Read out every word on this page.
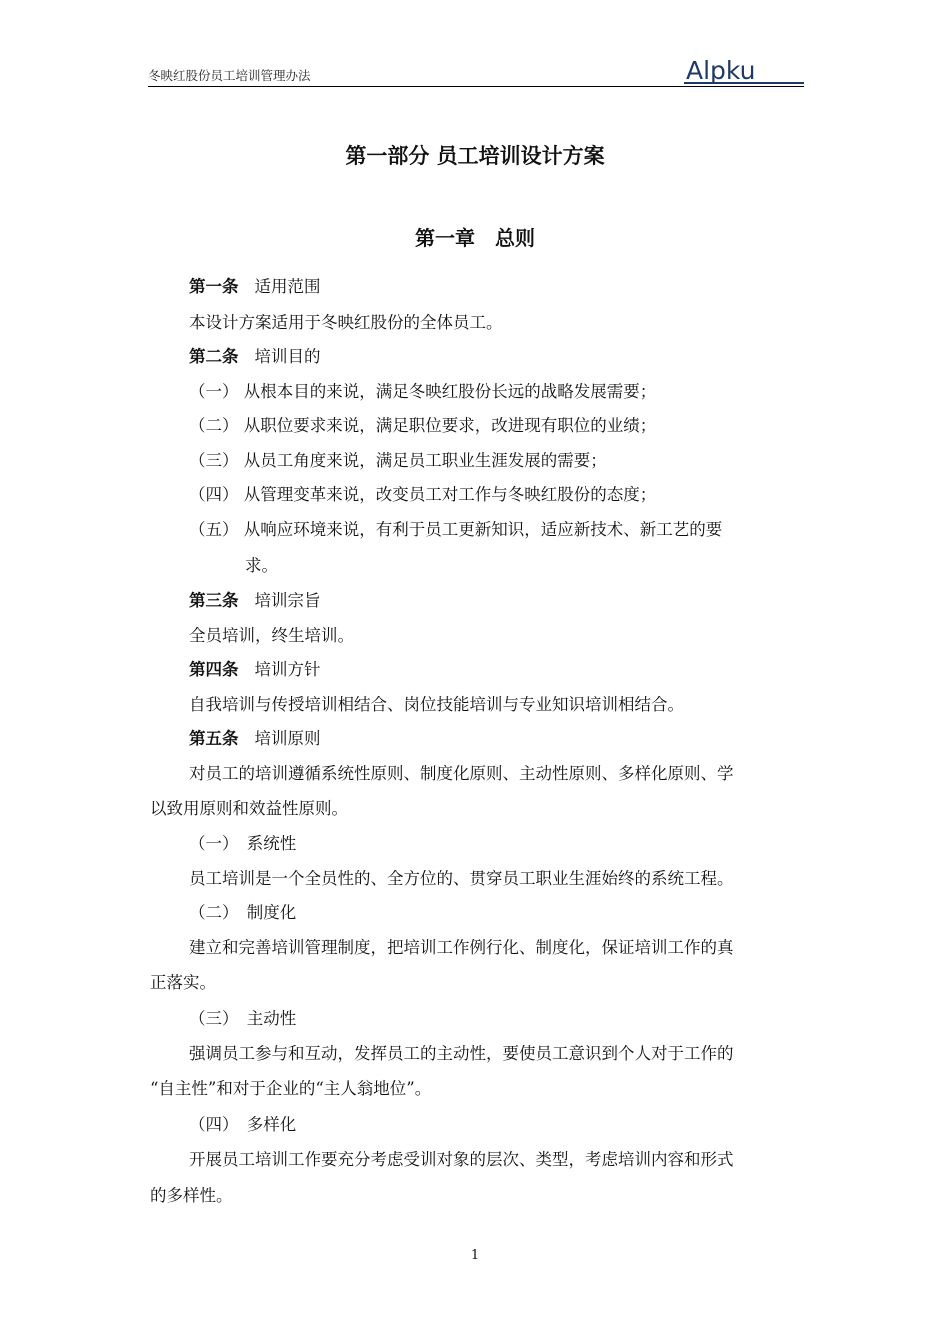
冬映红股份员工培训管理办法	Alpku
第一部分 员工培训设计方案
第一章　总则
第一条 适用范围
本设计方案适用于冬映红股份的全体员工。
第二条 培训目的
（一） 从根本目的来说，满足冬映红股份长远的战略发展需要；
（二） 从职位要求来说，满足职位要求，改进现有职位的业绩；
（三） 从员工角度来说，满足员工职业生涯发展的需要；
（四） 从管理变革来说，改变员工对工作与冬映红股份的态度；
（五） 从响应环境来说，有利于员工更新知识，适应新技术、新工艺的要
求。
第三条 培训宗旨
全员培训，终生培训。
第四条 培训方针
自我培训与传授培训相结合、岗位技能培训与专业知识培训相结合。
第五条 培训原则
对员工的培训遵循系统性原则、制度化原则、主动性原则、多样化原则、学
以致用原则和效益性原则。
（一）　系统性
员工培训是一个全员性的、全方位的、贯穿员工职业生涯始终的系统工程。
（二）　制度化
建立和完善培训管理制度，把培训工作例行化、制度化，保证培训工作的真
正落实。
（三）　主动性
强调员工参与和互动，发挥员工的主动性，要使员工意识到个人对于工作的
“自主性”和对于企业的“主人翁地位”。
（四）　多样化
开展员工培训工作要充分考虑受训对象的层次、类型，考虑培训内容和形式
的多样性。
1
